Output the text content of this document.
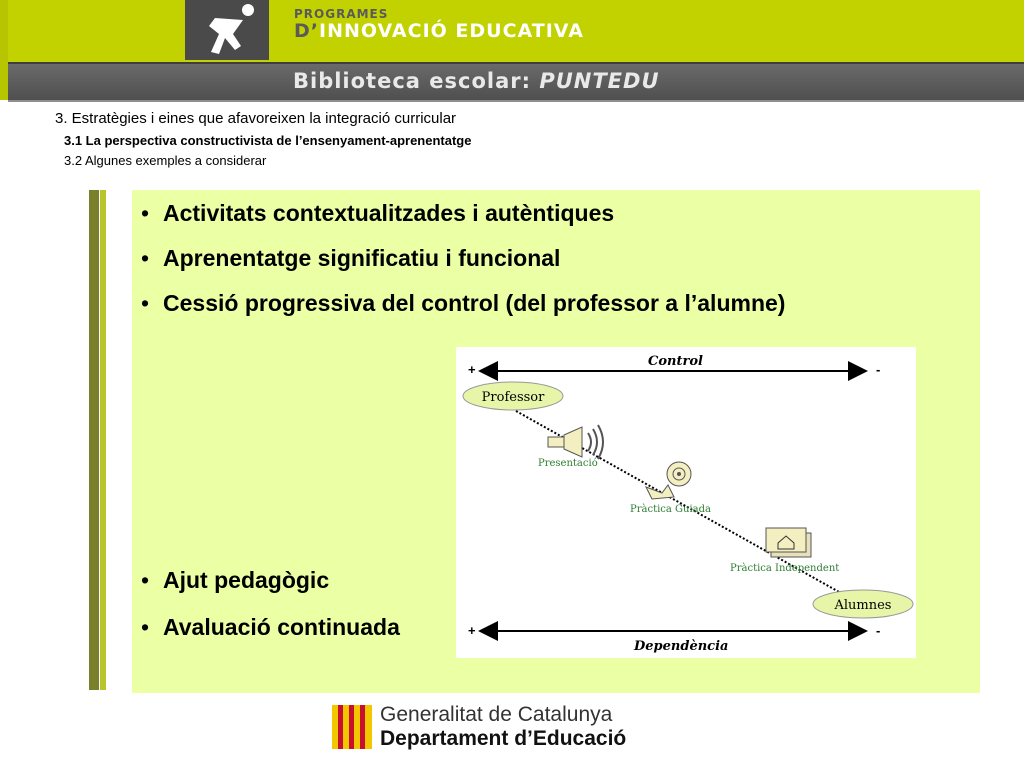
PROGRAMES
D’INNOVACIÓ EDUCATIVA
Biblioteca escolar: PUNTEDU
3. Estratègies i eines que afavoreixen la integració curricular
3.1 La perspectiva constructivista de l’ensenyament-aprenentatge
3.2 Algunes exemples a considerar
• Activitats contextualitzades i autèntiques
• Aprenentatge significatiu i funcional
• Cessió progressiva del control (del professor a l’alumne)
• Ajut pedagògic
• Avaluació continuada
Control
+	-
Professor
Presentació
Pràctica Guiada
Pràctica Independent
Alumnes
+	-
Dependència
Generalitat de Catalunya
Departament d’Educació
